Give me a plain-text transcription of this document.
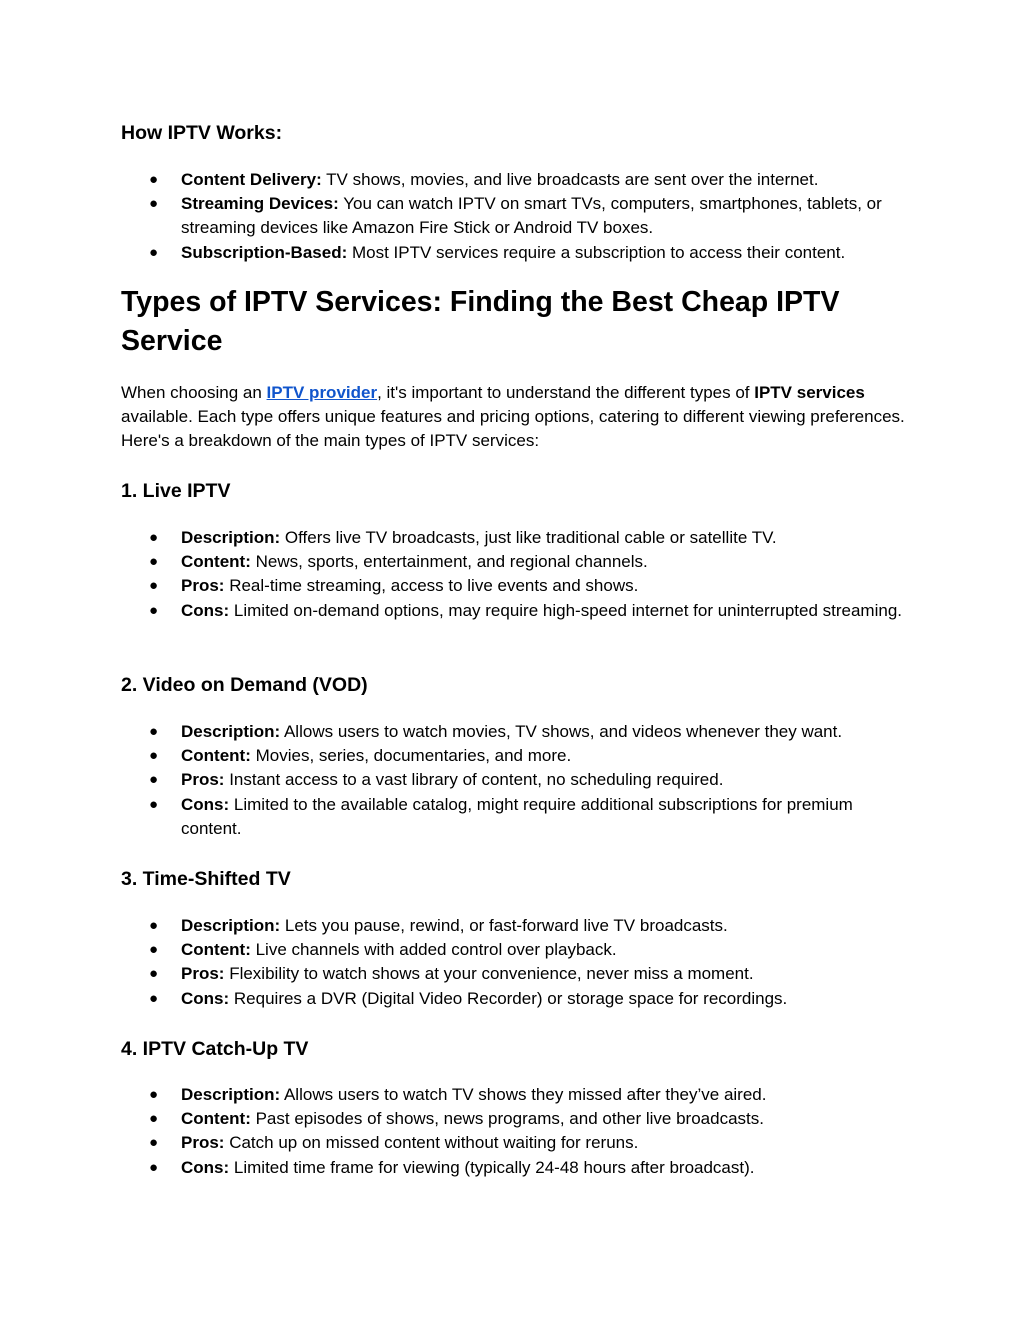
How IPTV Works:
● Content Delivery: TV shows, movies, and live broadcasts are sent over the internet.
● Streaming Devices: You can watch IPTV on smart TVs, computers, smartphones, tablets, or streaming devices like Amazon Fire Stick or Android TV boxes.
● Subscription-Based: Most IPTV services require a subscription to access their content.
Types of IPTV Services: Finding the Best Cheap IPTV Service

When choosing an IPTV provider, it's important to understand the different types of IPTV services available. Each type offers unique features and pricing options, catering to different viewing preferences. Here's a breakdown of the main types of IPTV services:

1. Live IPTV
● Description: Offers live TV broadcasts, just like traditional cable or satellite TV.
● Content: News, sports, entertainment, and regional channels.
● Pros: Real-time streaming, access to live events and shows.
● Cons: Limited on-demand options, may require high-speed internet for uninterrupted streaming.
2. Video on Demand (VOD)
● Description: Allows users to watch movies, TV shows, and videos whenever they want.
● Content: Movies, series, documentaries, and more.
● Pros: Instant access to a vast library of content, no scheduling required.
● Cons: Limited to the available catalog, might require additional subscriptions for premium content.
3. Time-Shifted TV
● Description: Lets you pause, rewind, or fast-forward live TV broadcasts.
● Content: Live channels with added control over playback.
● Pros: Flexibility to watch shows at your convenience, never miss a moment.
● Cons: Requires a DVR (Digital Video Recorder) or storage space for recordings.
4. IPTV Catch-Up TV
● Description: Allows users to watch TV shows they missed after they’ve aired.
● Content: Past episodes of shows, news programs, and other live broadcasts.
● Pros: Catch up on missed content without waiting for reruns.
● Cons: Limited time frame for viewing (typically 24-48 hours after broadcast).
